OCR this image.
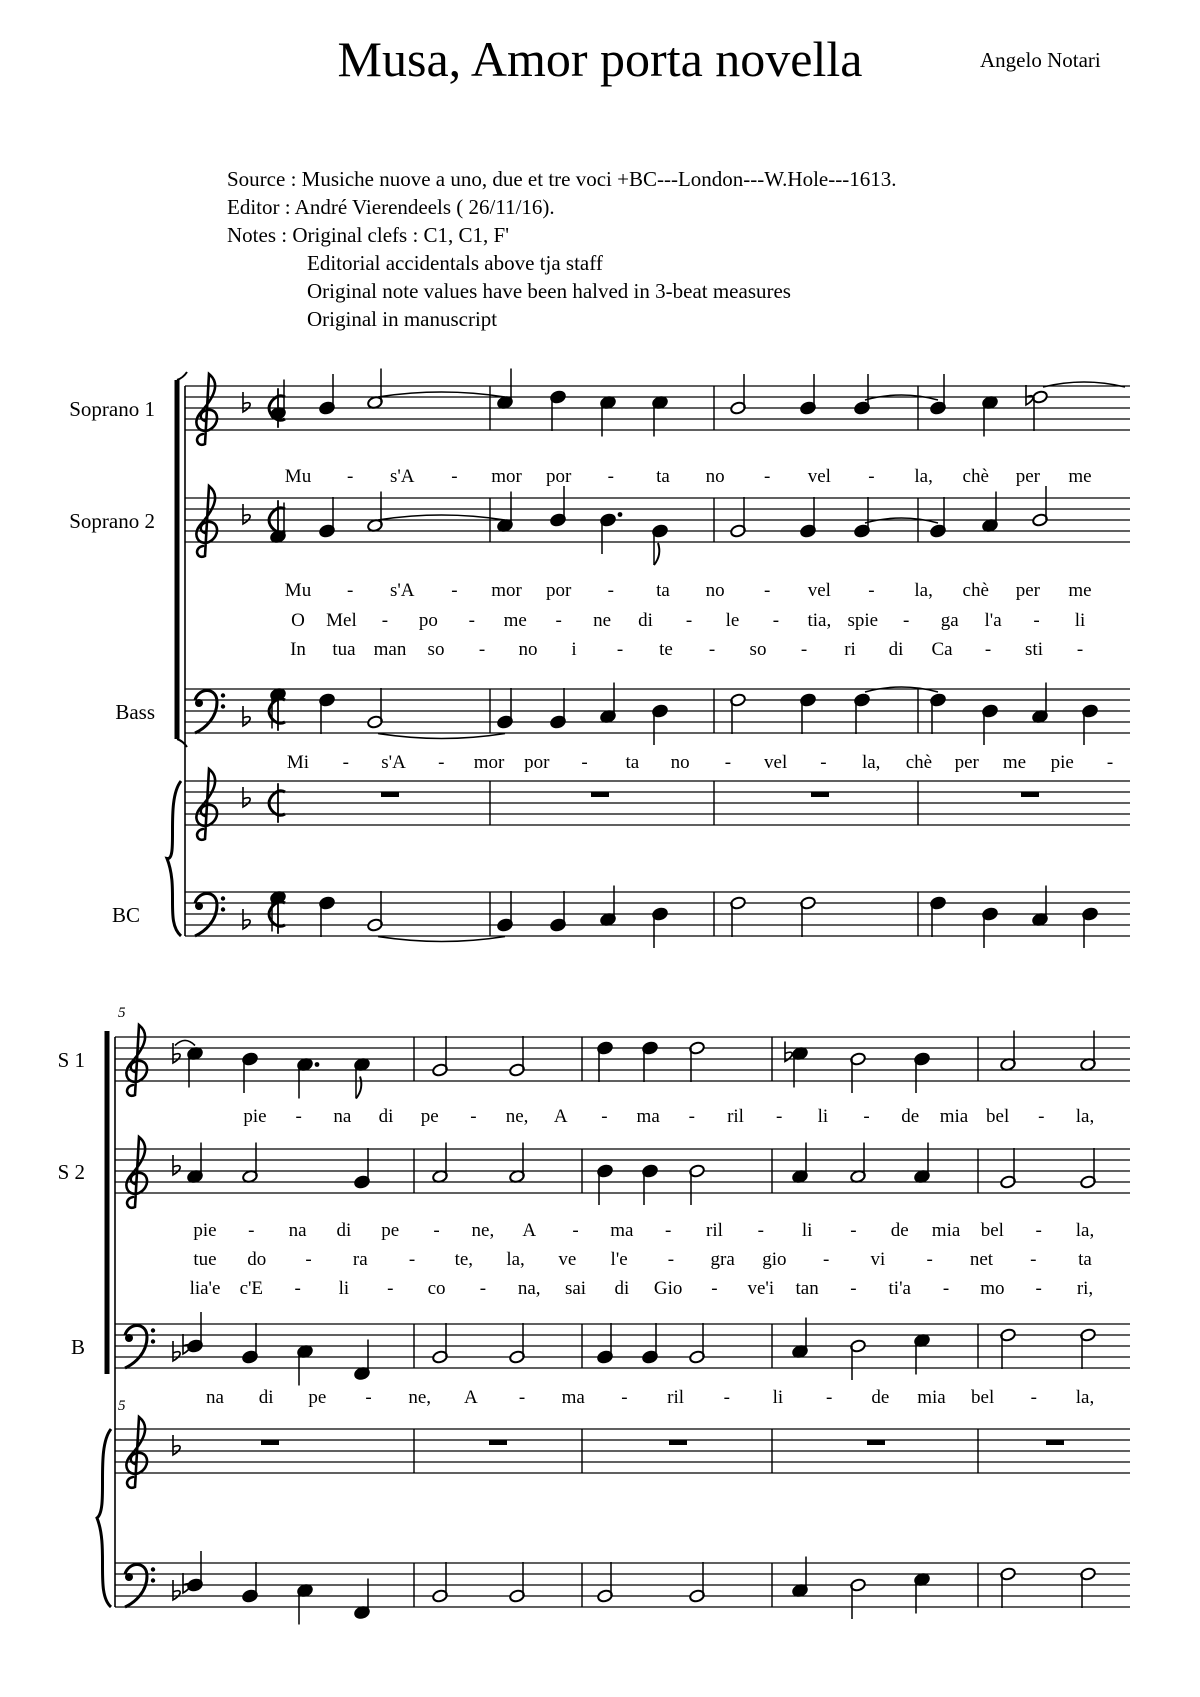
Musa, Amor porta novella	Angelo Notari
Source : Musiche nuove a uno, due et tre voci +BC---London---W.Hole---1613.
Editor : André Vierendeels ( 26/11/16).
Notes : Original clefs : C1, C1, F'
Editorial accidentals above tja staff
Original note values have been halved in 3-beat measures
Original in manuscript
Soprano 1
Soprano 2
Bass
BC
Mu - s'A - mor por - ta no - vel - la, chè per me
Mu - s'A - mor por - ta no - vel - la, chè per me
O Mel - po - me - ne di - le - tia, spie - ga l'a - li
In tua man so - no i - te - so - ri di Ca - sti -
Mi - s'A - mor por - ta no - vel - la, chè per me pie -
5
5
S 1
S 2
B
pie - na di pe - ne, A - ma - ril - li - de mia bel - la,
pie - na di pe - ne, A - ma - ril - li - de mia bel - la,
tue do - ra - te, la, ve l'e - gra gio - vi - net - ta
lia'e c'E - li - co - na, sai di Gio - ve'i tan - ti'a - mo - ri,
na di pe - ne, A - ma - ril - li - de mia bel - la,
